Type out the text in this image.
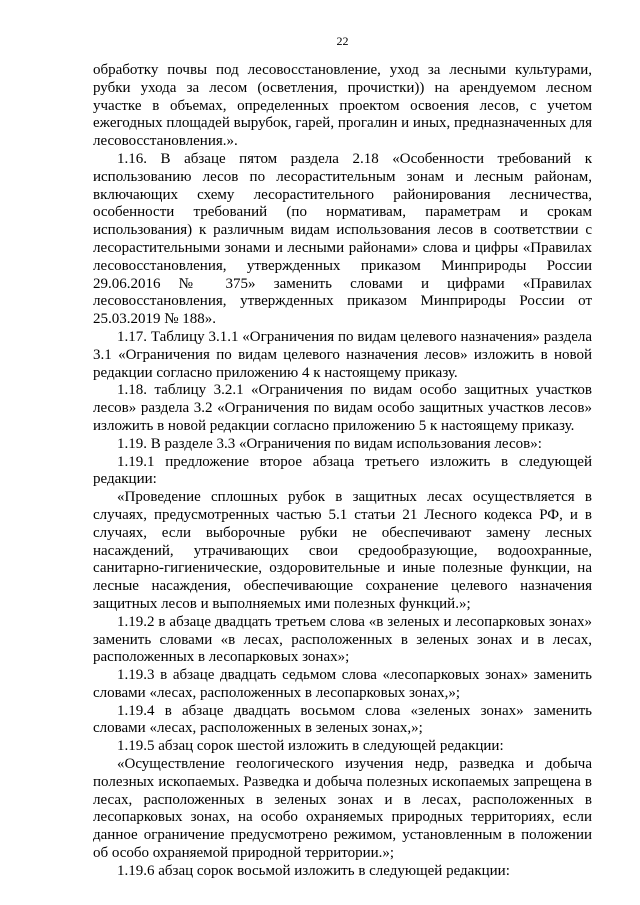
22

обработку почвы под лесовосстановление, уход за лесными культурами, рубки ухода за лесом (осветления, прочистки)) на арендуемом лесном участке в объемах, определенных проектом освоения лесов, с учетом ежегодных площадей вырубок, гарей, прогалин и иных, предназначенных для лесовосстановления.».

1.16. В абзаце пятом раздела 2.18 «Особенности требований к использованию лесов по лесорастительным зонам и лесным районам, включающих схему лесорастительного районирования лесничества, особенности требований (по нормативам, параметрам и срокам использования) к различным видам использования лесов в соответствии с лесорастительными зонами и лесными районами» слова и цифры «Правилах лесовосстановления, утвержденных приказом Минприроды России 29.06.2016 № 375» заменить словами и цифрами «Правилах лесовосстановления, утвержденных приказом Минприроды России от 25.03.2019 № 188».

1.17. Таблицу 3.1.1 «Ограничения по видам целевого назначения» раздела 3.1 «Ограничения по видам целевого назначения лесов» изложить в новой редакции согласно приложению 4 к настоящему приказу.

1.18. таблицу 3.2.1 «Ограничения по видам особо защитных участков лесов» раздела 3.2 «Ограничения по видам особо защитных участков лесов» изложить в новой редакции согласно приложению 5 к настоящему приказу.

1.19. В разделе 3.3 «Ограничения по видам использования лесов»:

1.19.1 предложение второе абзаца третьего изложить в следующей редакции:

«Проведение сплошных рубок в защитных лесах осуществляется в случаях, предусмотренных частью 5.1 статьи 21 Лесного кодекса РФ, и в случаях, если выборочные рубки не обеспечивают замену лесных насаждений, утрачивающих свои средообразующие, водоохранные, санитарно-гигиенические, оздоровительные и иные полезные функции, на лесные насаждения, обеспечивающие сохранение целевого назначения защитных лесов и выполняемых ими полезных функций.»;

1.19.2 в абзаце двадцать третьем слова «в зеленых и лесопарковых зонах» заменить словами «в лесах, расположенных в зеленых зонах и в лесах, расположенных в лесопарковых зонах»;

1.19.3 в абзаце двадцать седьмом слова «лесопарковых зонах» заменить словами «лесах, расположенных в лесопарковых зонах,»;

1.19.4 в абзаце двадцать восьмом слова «зеленых зонах» заменить словами «лесах, расположенных в зеленых зонах,»;

1.19.5 абзац сорок шестой изложить в следующей редакции:

«Осуществление геологического изучения недр, разведка и добыча полезных ископаемых. Разведка и добыча полезных ископаемых запрещена в лесах, расположенных в зеленых зонах и в лесах, расположенных в лесопарковых зонах, на особо охраняемых природных территориях, если данное ограничение предусмотрено режимом, установленным в положении об особо охраняемой природной территории.»;

1.19.6 абзац сорок восьмой изложить в следующей редакции:
